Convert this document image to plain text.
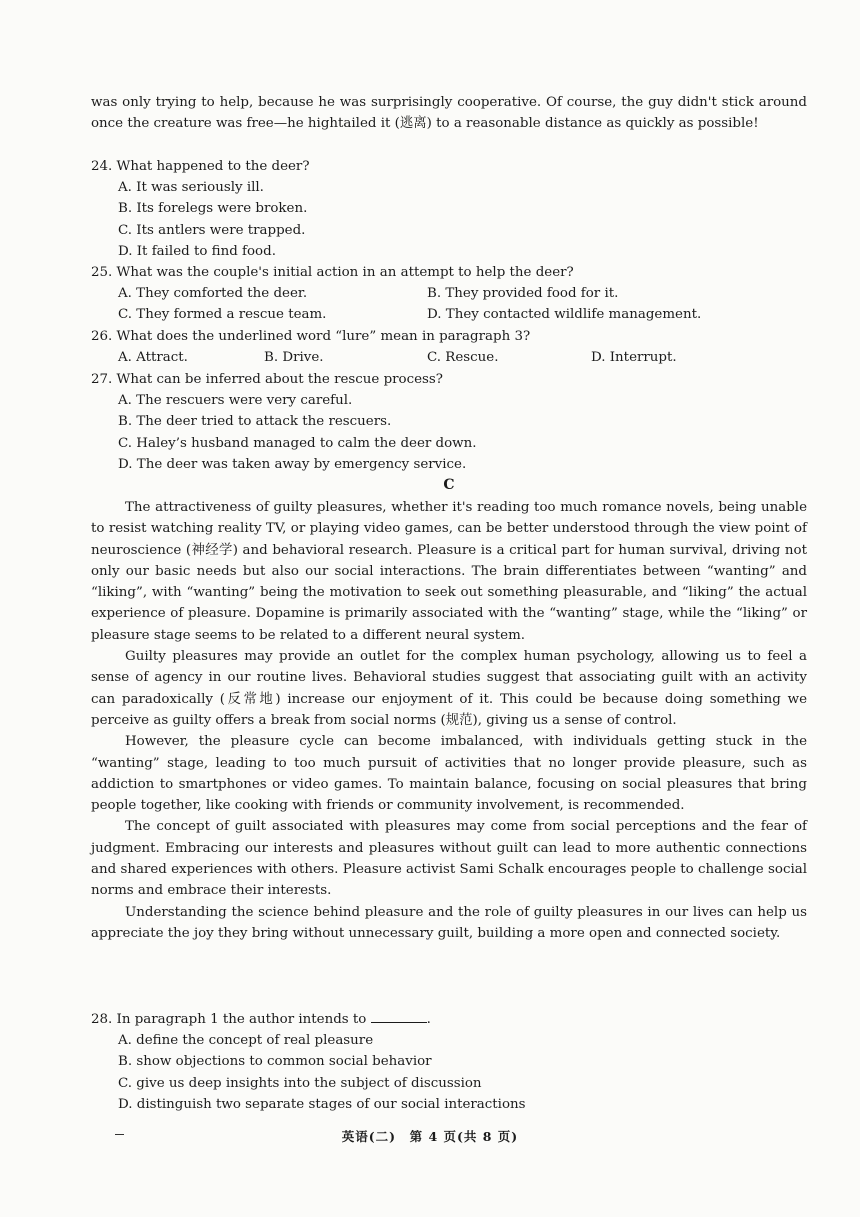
was only trying to help, because he was surprisingly cooperative. Of course, the guy didn't stick around once the creature was free—he hightailed it (逃离) to a reasonable distance as quickly as possible!

24. What happened to the deer?

A. It was seriously ill.

B. Its forelegs were broken.

C. Its antlers were trapped.

D. It failed to find food.

25. What was the couple's initial action in an attempt to help the deer?

A. They comforted the deer.	B. They provided food for it.
C. They formed a rescue team.	D. They contacted wildlife management.

26. What does the underlined word “lure” mean in paragraph 3?

A. Attract.	B. Drive.	C. Rescue.	D. Interrupt.

27. What can be inferred about the rescue process?

A. The rescuers were very careful.

B. The deer tried to attack the rescuers.

C. Haley’s husband managed to calm the deer down.

D. The deer was taken away by emergency service.

C

The attractiveness of guilty pleasures, whether it's reading too much romance novels, being unable to resist watching reality TV, or playing video games, can be better understood through the view point of neuroscience (神经学) and behavioral research. Pleasure is a critical part for human survival, driving not only our basic needs but also our social interactions. The brain differentiates between “wanting” and “liking”, with “wanting” being the motivation to seek out something pleasurable, and “liking” the actual experience of pleasure. Dopamine is primarily associated with the “wanting” stage, while the “liking” or pleasure stage seems to be related to a different neural system.

Guilty pleasures may provide an outlet for the complex human psychology, allowing us to feel a sense of agency in our routine lives. Behavioral studies suggest that associating guilt with an activity can paradoxically (反常地) increase our enjoyment of it. This could be because doing something we perceive as guilty offers a break from social norms (规范), giving us a sense of control.

However, the pleasure cycle can become imbalanced, with individuals getting stuck in the “wanting” stage, leading to too much pursuit of activities that no longer provide pleasure, such as addiction to smartphones or video games. To maintain balance, focusing on social pleasures that bring people together, like cooking with friends or community involvement, is recommended.

The concept of guilt associated with pleasures may come from social perceptions and the fear of judgment. Embracing our interests and pleasures without guilt can lead to more authentic connections and shared experiences with others. Pleasure activist Sami Schalk encourages people to challenge social norms and embrace their interests.

Understanding the science behind pleasure and the role of guilty pleasures in our lives can help us appreciate the joy they bring without unnecessary guilt, building a more open and connected society.

28. In paragraph 1 the author intends to	.

A. define the concept of real pleasure

B. show objections to common social behavior

C. give us deep insights into the subject of discussion

D. distinguish two separate stages of our social interactions

英语(二)　第 4 页(共 8 页)
